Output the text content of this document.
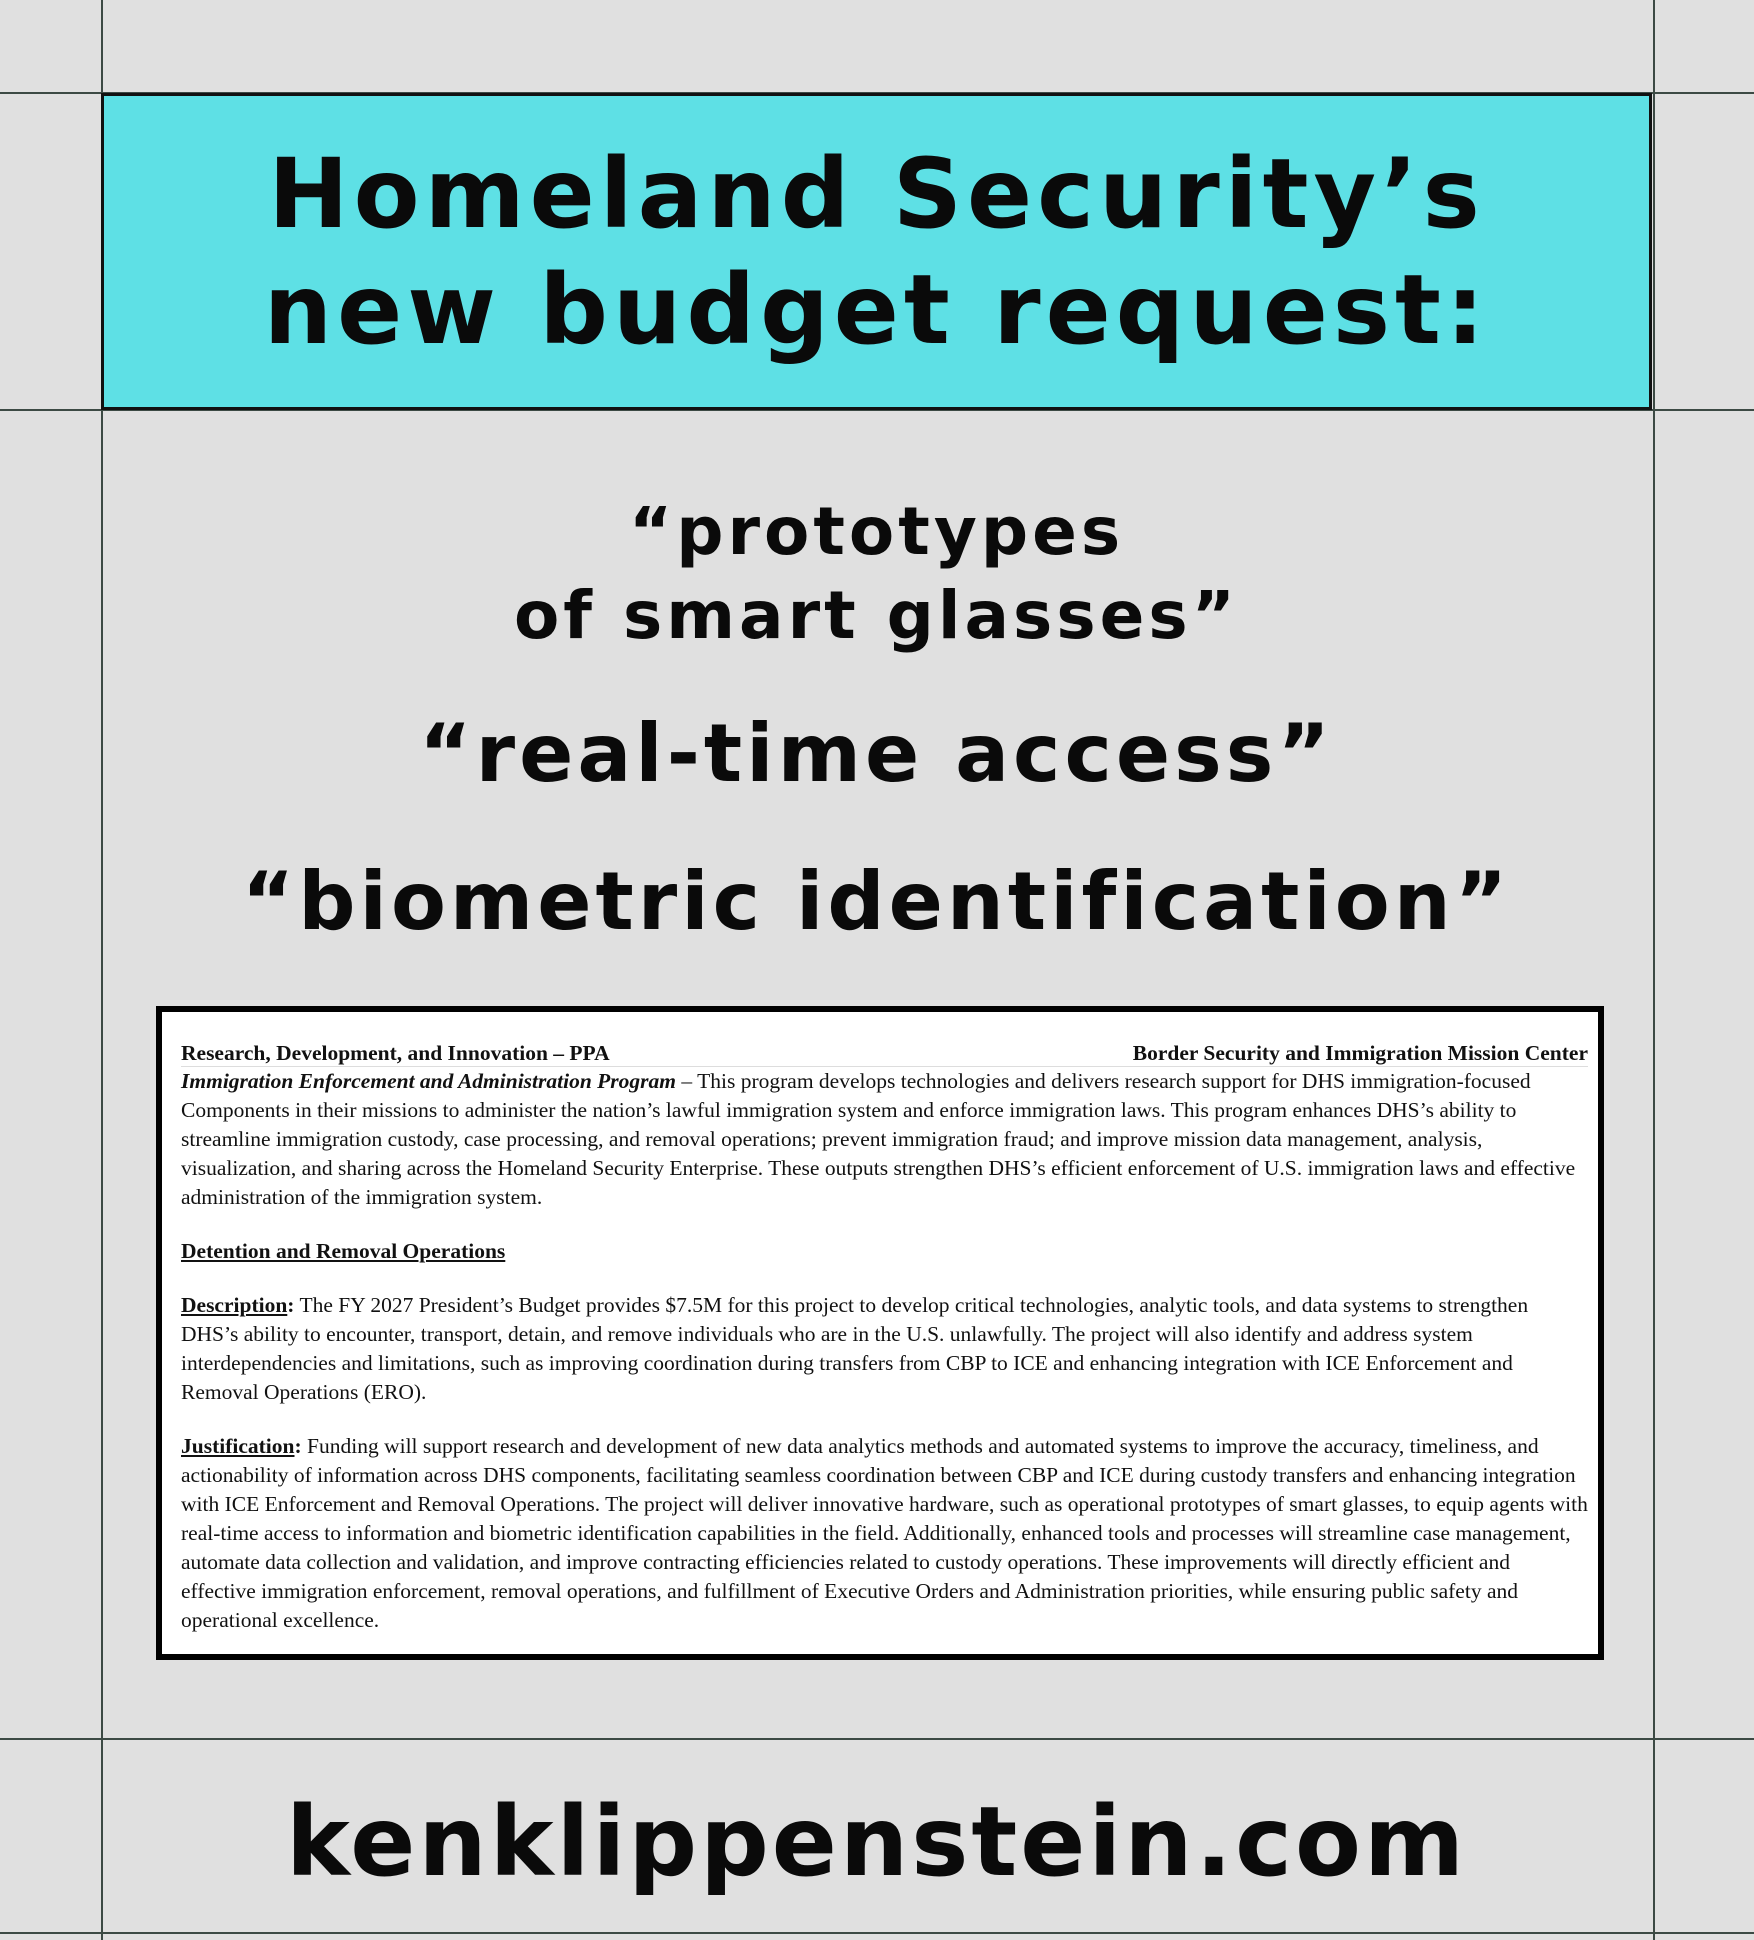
Homeland Security’s
new budget request:
“prototypes
of smart glasses”
“real-time access”
“biometric identification”
Research, Development, and Innovation – PPA	Border Security and Immigration Mission Center

Immigration Enforcement and Administration Program – This program develops technologies and delivers research support for DHS immigration-focused Components in their missions to administer the nation’s lawful immigration system and enforce immigration laws. This program enhances DHS’s ability to streamline immigration custody, case processing, and removal operations; prevent immigration fraud; and improve mission data management, analysis, visualization, and sharing across the Homeland Security Enterprise. These outputs strengthen DHS’s efficient enforcement of U.S. immigration laws and effective administration of the immigration system.

Detention and Removal Operations

Description: The FY 2027 President’s Budget provides $7.5M for this project to develop critical technologies, analytic tools, and data systems to strengthen DHS’s ability to encounter, transport, detain, and remove individuals who are in the U.S. unlawfully. The project will also identify and address system interdependencies and limitations, such as improving coordination during transfers from CBP to ICE and enhancing integration with ICE Enforcement and Removal Operations (ERO).

Justification: Funding will support research and development of new data analytics methods and automated systems to improve the accuracy, timeliness, and actionability of information across DHS components, facilitating seamless coordination between CBP and ICE during custody transfers and enhancing integration with ICE Enforcement and Removal Operations. The project will deliver innovative hardware, such as operational prototypes of smart glasses, to equip agents with real-time access to information and biometric identification capabilities in the field. Additionally, enhanced tools and processes will streamline case management, automate data collection and validation, and improve contracting efficiencies related to custody operations. These improvements will directly efficient and effective immigration enforcement, removal operations, and fulfillment of Executive Orders and Administration priorities, while ensuring public safety and operational excellence.

kenklippenstein.com
